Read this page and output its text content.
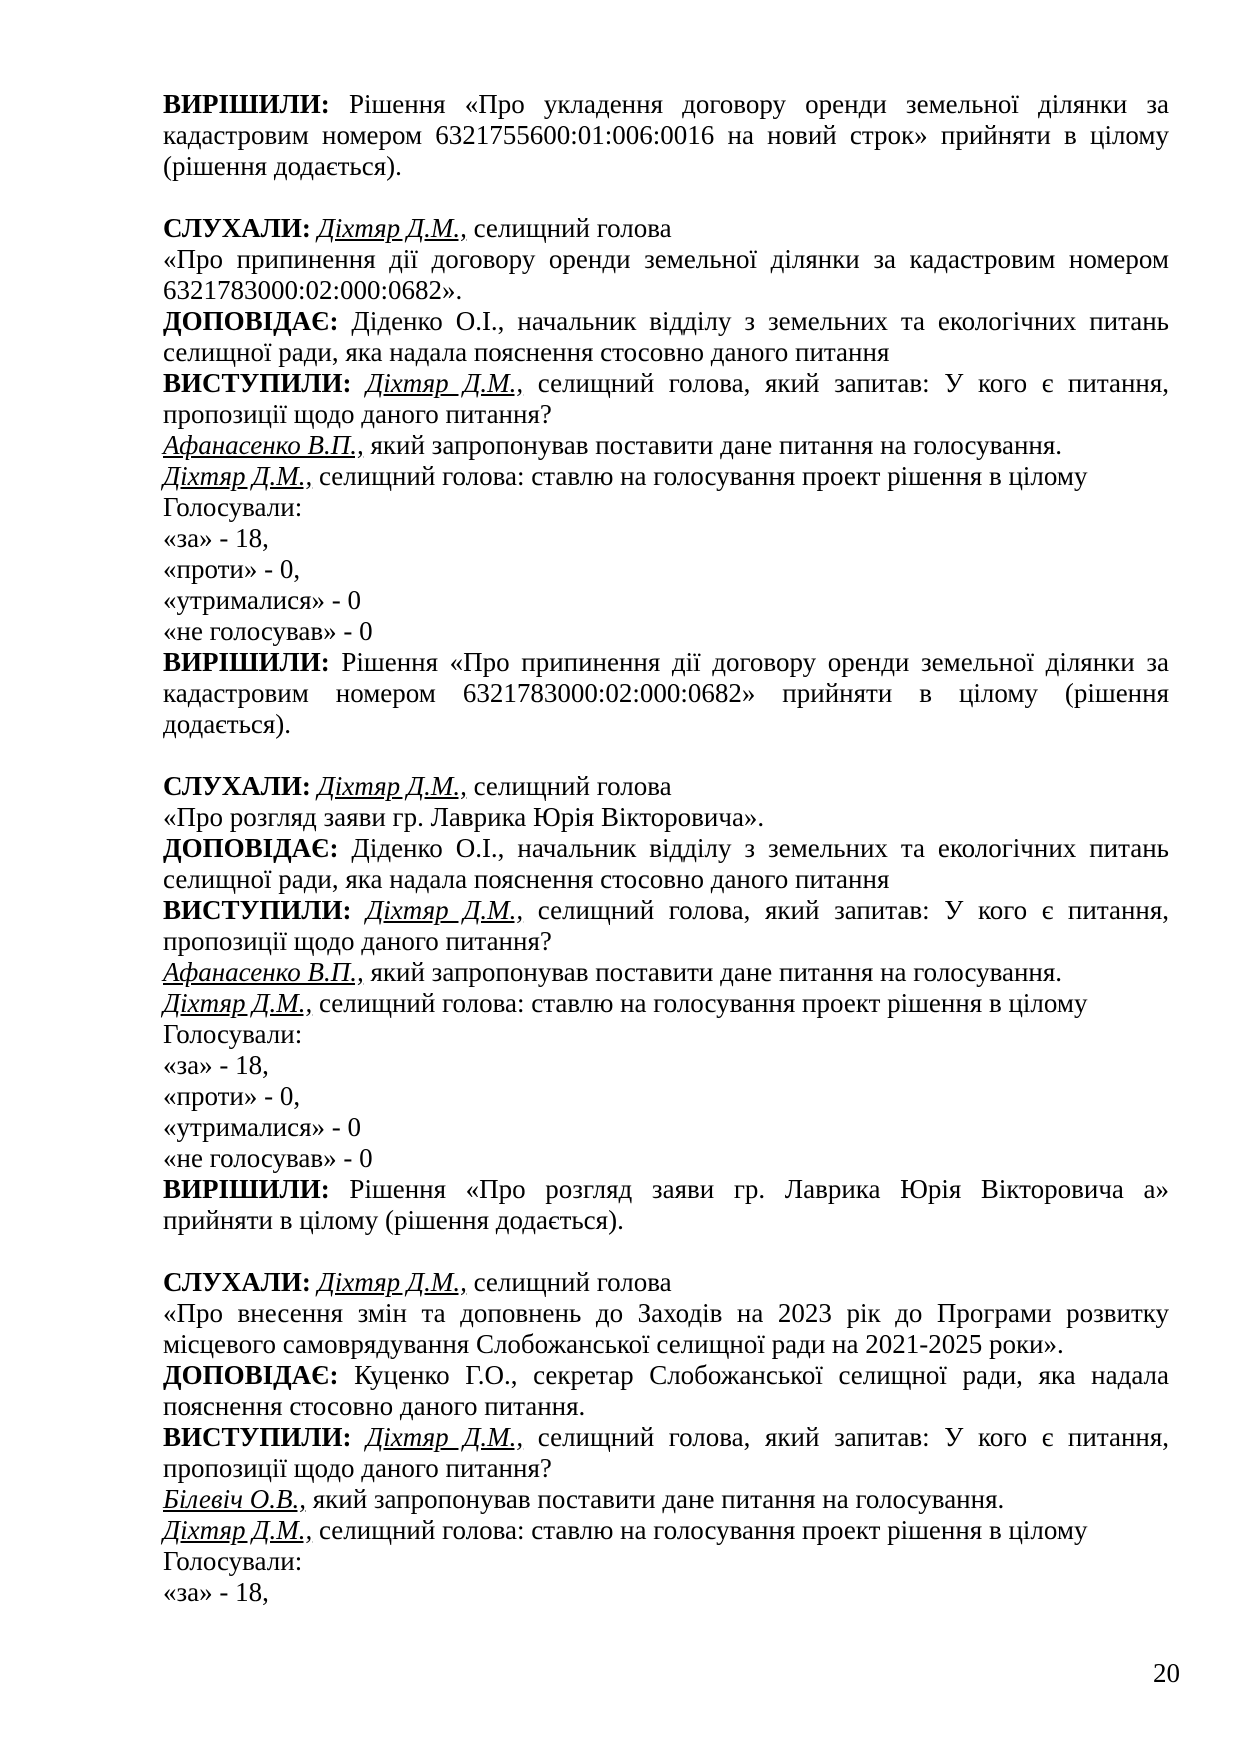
ВИРІШИЛИ: Рішення «Про укладення договору оренди земельної ділянки за кадастровим номером 6321755600:01:006:0016 на новий строк» прийняти в цілому (рішення додається).

СЛУХАЛИ: Діхтяр Д.М., селищний голова

«Про припинення дії договору оренди земельної ділянки за кадастровим номером 6321783000:02:000:0682».

ДОПОВІДАЄ: Діденко О.І., начальник відділу з земельних та екологічних питань селищної ради, яка надала пояснення стосовно даного питання

ВИСТУПИЛИ: Діхтяр Д.М., селищний голова, який запитав: У кого є питання, пропозиції щодо даного питання?

Афанасенко В.П., який запропонував поставити дане питання на голосування.

Діхтяр Д.М., селищний голова: ставлю на голосування проект рішення в цілому

Голосували:

«за» - 18,

«проти» - 0,

«утрималися» - 0

«не голосував» - 0

ВИРІШИЛИ: Рішення «Про припинення дії договору оренди земельної ділянки за кадастровим номером 6321783000:02:000:0682» прийняти в цілому (рішення додається).

СЛУХАЛИ: Діхтяр Д.М., селищний голова

«Про розгляд заяви гр. Лаврика Юрія Вікторовича».

ДОПОВІДАЄ: Діденко О.І., начальник відділу з земельних та екологічних питань селищної ради, яка надала пояснення стосовно даного питання

ВИСТУПИЛИ: Діхтяр Д.М., селищний голова, який запитав: У кого є питання, пропозиції щодо даного питання?

Афанасенко В.П., який запропонував поставити дане питання на голосування.

Діхтяр Д.М., селищний голова: ставлю на голосування проект рішення в цілому

Голосували:

«за» - 18,

«проти» - 0,

«утрималися» - 0

«не голосував» - 0

ВИРІШИЛИ: Рішення «Про розгляд заяви гр. Лаврика Юрія Вікторовича а» прийняти в цілому (рішення додається).

СЛУХАЛИ: Діхтяр Д.М., селищний голова

«Про внесення змін та доповнень до Заходів на 2023 рік до Програми розвитку місцевого самоврядування Слобожанської селищної ради на 2021-2025 роки».

ДОПОВІДАЄ: Куценко Г.О., секретар Слобожанської селищної ради, яка надала пояснення стосовно даного питання.

ВИСТУПИЛИ: Діхтяр Д.М., селищний голова, який запитав: У кого є питання, пропозиції щодо даного питання?

Білевіч О.В., який запропонував поставити дане питання на голосування.

Діхтяр Д.М., селищний голова: ставлю на голосування проект рішення в цілому

Голосували:

«за» - 18,

20
